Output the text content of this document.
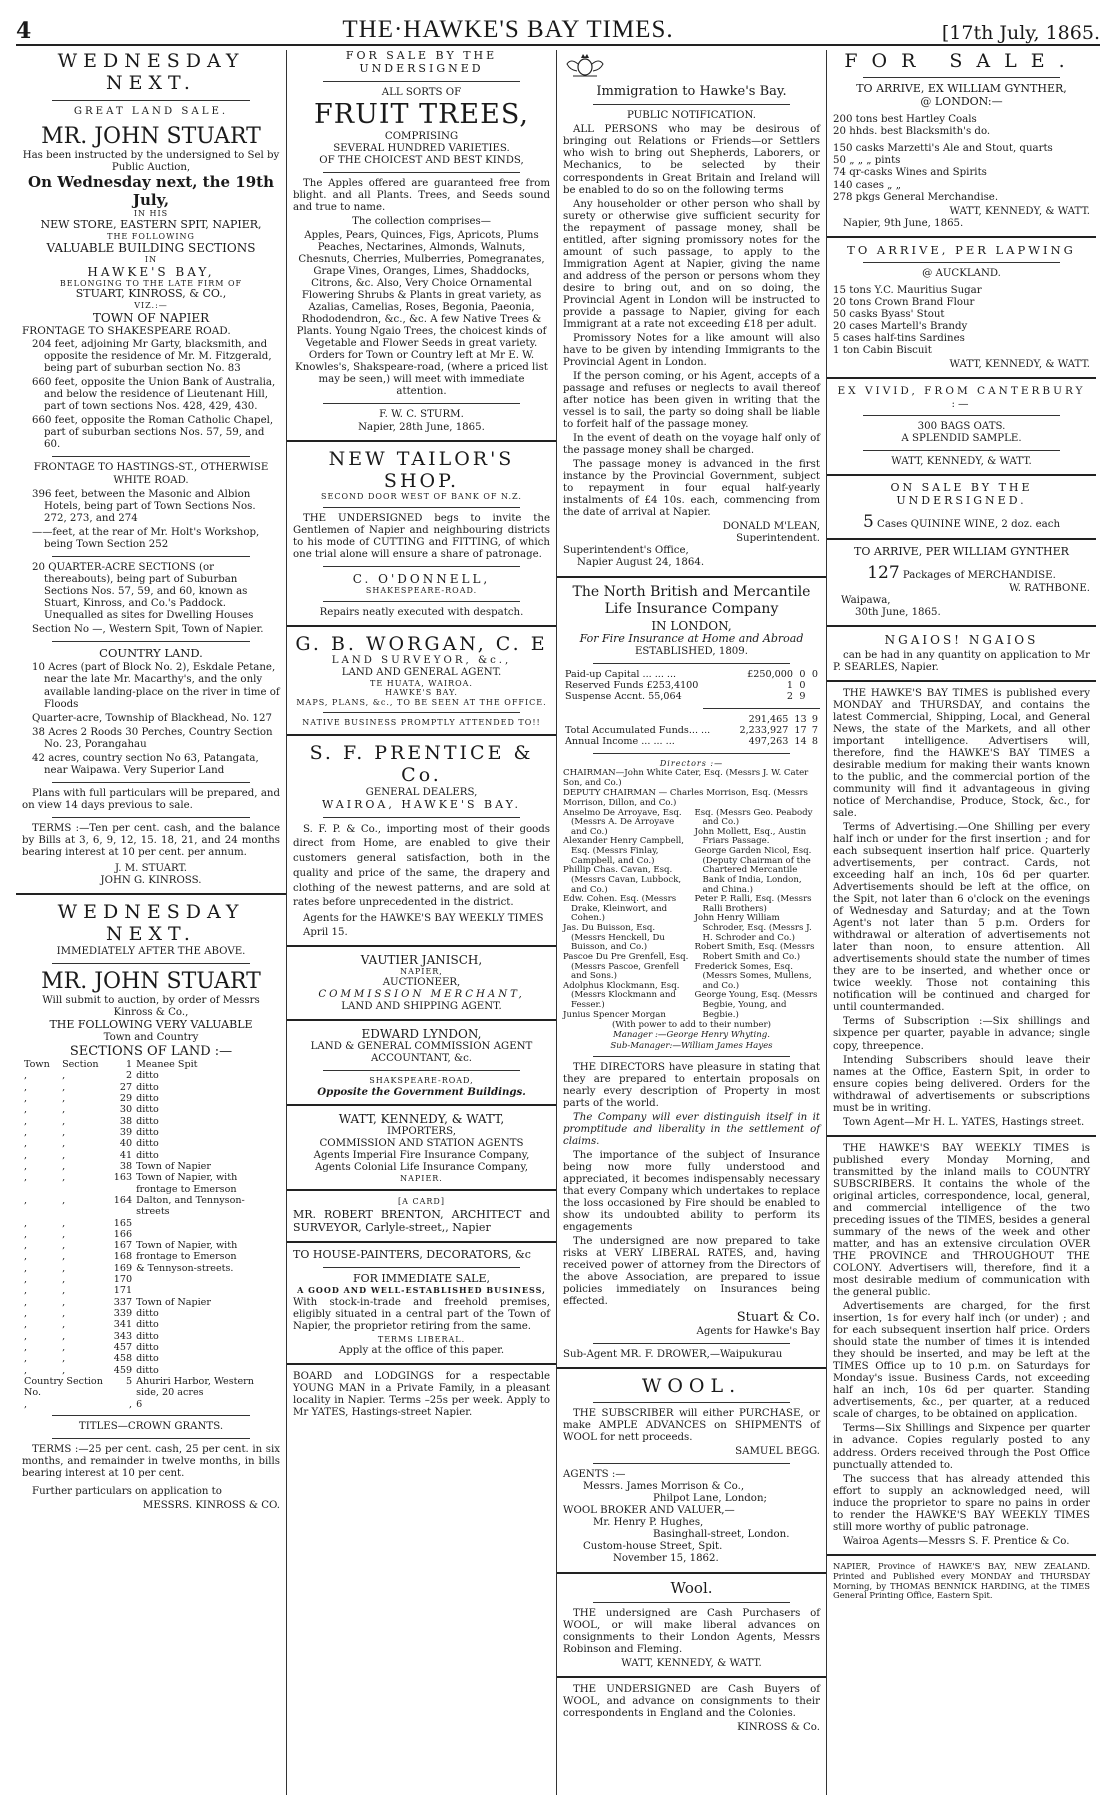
4	THE·HAWKE'S BAY TIMES.	[17th July, 1865.
WEDNESDAY NEXT.
GREAT LAND SALE.
MR. JOHN STUART
Has been instructed by the undersigned to Sel by Public Auction,
On Wednesday next, the 19th July,
IN HIS
NEW STORE, EASTERN SPIT, NAPIER,
THE FOLLOWING
VALUABLE BUILDING SECTIONS
IN
HAWKE'S BAY,
BELONGING TO THE LATE FIRM OF
STUART, KINROSS, & CO.,
VIZ.:—
TOWN OF NAPIER
FRONTAGE TO SHAKESPEARE ROAD.
204 feet, adjoining Mr Garty, blacksmith, and opposite the residence of Mr. M. Fitzgerald, being part of suburban section No. 83
660 feet, opposite the Union Bank of Australia, and below the residence of Lieutenant Hill, part of town sections Nos. 428, 429, 430.
660 feet, opposite the Roman Catholic Chapel, part of suburban sections Nos. 57, 59, and 60.
FRONTAGE TO HASTINGS-ST., OTHERWISE WHITE ROAD.
396 feet, between the Masonic and Albion Hotels, being part of Town Sections Nos. 272, 273, and 274
——feet, at the rear of Mr. Holt's Workshop, being Town Section 252
20 QUARTER-ACRE SECTIONS (or thereabouts), being part of Suburban Sections Nos. 57, 59, and 60, known as Stuart, Kinross, and Co.'s Paddock. Unequalled as sites for Dwelling Houses
Section No —, Western Spit, Town of Napier.
COUNTRY LAND.
10 Acres (part of Block No. 2), Eskdale Petane, near the late Mr. Macarthy's, and the only available landing-place on the river in time of Floods
Quarter-acre, Township of Blackhead, No. 127
38 Acres 2 Roods 30 Perches, Country Section No. 23, Porangahau
42 acres, country section No 63, Patangata, near Waipawa. Very Superior Land

Plans with full particulars will be prepared, and on view 14 days previous to sale.

TERMS :—Ten per cent. cash, and the balance by Bills at 3, 6, 9, 12, 15. 18, 21, and 24 months bearing interest at 10 per cent. per annum.

J. M. STUART.
JOHN G. KINROSS.
WEDNESDAY NEXT.
IMMEDIATELY AFTER THE ABOVE.
MR. JOHN STUART
Will submit to auction, by order of Messrs Kinross & Co.,
THE FOLLOWING VERY VALUABLE
Town and Country
SECTIONS OF LAND :—
Town	Section	1	Meanee Spit
,	,	2	ditto
,	,	27	ditto
,	,	29	ditto
,	,	30	ditto
,	,	38	ditto
,	,	39	ditto
,	,	40	ditto
,	,	41	ditto
,	,	38	Town of Napier
,	,	163	Town of Napier, with frontage to Emerson
,	,	164	Dalton, and Tennyson-streets
,	,	165	
,	,	166	
,	,	167	Town of Napier, with
,	,	168	frontage to Emerson
,	,	169	& Tennyson-streets.
,	,	170	
,	,	171	
,	,	337	Town of Napier
,	,	339	ditto
,	,	341	ditto
,	,	343	ditto
,	,	457	ditto
,	,	458	ditto
,	,	459	ditto
Country Section No.		5	Ahuriri Harbor, Western side, 20 acres
,		,	6
TITLES—CROWN GRANTS.

TERMS :—25 per cent. cash, 25 per cent. in six months, and remainder in twelve months, in bills bearing interest at 10 per cent.

Further particulars on application to

MESSRS. KINROSS & CO.
FOR SALE BY THE UNDERSIGNED
ALL SORTS OF
FRUIT TREES,
COMPRISING
SEVERAL HUNDRED VARIETIES.
OF THE CHOICEST AND BEST KINDS,

The Apples offered are guaranteed free from blight. and all Plants. Trees, and Seeds sound and true to name.

The collection comprises—

Apples, Pears, Quinces, Figs, Apricots, Plums Peaches, Nectarines, Almonds, Walnuts, Chesnuts, Cherries, Mulberries, Pomegranates, Grape Vines, Oranges, Limes, Shaddocks, Citrons, &c. Also, Very Choice Ornamental Flowering Shrubs & Plants in great variety, as Azalias, Camelias, Roses, Begonia, Paeonia, Rhododendron, &c., &c. A few Native Trees & Plants. Young Ngaio Trees, the choicest kinds of Vegetable and Flower Seeds in great variety. Orders for Town or Country left at Mr E. W. Knowles's, Shakspeare-road, (where a priced list may be seen,) will meet with immediate attention.

F. W. C. STURM.
Napier, 28th June, 1865.
NEW TAILOR'S SHOP.
SECOND DOOR WEST OF BANK OF N.Z.

THE UNDERSIGNED begs to invite the Gentlemen of Napier and neighbouring districts to his mode of CUTTING and FITTING, of which one trial alone will ensure a share of patronage.

C. O'DONNELL,
SHAKESPEARE-ROAD.
Repairs neatly executed with despatch.
G. B. WORGAN, C. E
LAND SURVEYOR, &c.,
LAND AND GENERAL AGENT.
TE HUATA, WAIROA.
HAWKE'S BAY.
MAPS, PLANS, &c., TO BE SEEN AT THE OFFICE.
NATIVE BUSINESS PROMPTLY ATTENDED TO!!
S. F. PRENTICE & Co.
GENERAL DEALERS,
WAIROA, HAWKE'S BAY.

S. F. P. & Co., importing most of their goods direct from Home, are enabled to give their customers general satisfaction, both in the quality and price of the same, the drapery and clothing of the newest patterns, and are sold at rates before unprecedented in the district.

Agents for the HAWKE'S BAY WEEKLY TIMES

April 15.

VAUTIER JANISCH,
NAPIER,
AUCTIONEER,
COMMISSION MERCHANT,
LAND AND SHIPPING AGENT.
EDWARD LYNDON,
LAND & GENERAL COMMISSION AGENT
ACCOUNTANT, &c.
SHAKSPEARE-ROAD,
Opposite the Government Buildings.
WATT, KENNEDY, & WATT,
IMPORTERS,
COMMISSION AND STATION AGENTS
Agents Imperial Fire Insurance Company,
Agents Colonial Life Insurance Company,
NAPIER.
[A CARD]

MR. ROBERT BRENTON, ARCHITECT and SURVEYOR, Carlyle-street,, Napier

TO HOUSE-PAINTERS, DECORATORS, &c

FOR IMMEDIATE SALE,
A GOOD AND WELL-ESTABLISHED BUSINESS,

With stock-in-trade and freehold premises, eligibly situated in a central part of the Town of Napier, the proprietor retiring from the same.

TERMS LIBERAL.
Apply at the office of this paper.

BOARD and LODGINGS for a respectable YOUNG MAN in a Private Family, in a pleasant locality in Napier. Terms –25s per week. Apply to Mr YATES, Hastings-street Napier.

Immigration to Hawke's Bay.
PUBLIC NOTIFICATION.

ALL PERSONS who may be desirous of bringing out Relations or Friends—or Settlers who wish to bring out Shepherds, Laborers, or Mechanics, to be selected by their correspondents in Great Britain and Ireland will be enabled to do so on the following terms

Any householder or other person who shall by surety or otherwise give sufficient security for the repayment of passage money, shall be entitled, after signing promissory notes for the amount of such passage, to apply to the Immigration Agent at Napier, giving the name and address of the person or persons whom they desire to bring out, and on so doing, the Provincial Agent in London will be instructed to provide a passage to Napier, giving for each Immigrant at a rate not exceeding £18 per adult.

Promissory Notes for a like amount will also have to be given by intending Immigrants to the Provincial Agent in London.

If the person coming, or his Agent, accepts of a passage and refuses or neglects to avail thereof after notice has been given in writing that the vessel is to sail, the party so doing shall be liable to forfeit half of the passage money.

In the event of death on the voyage half only of the passage money shall be charged.

The passage money is advanced in the first instance by the Provincial Government, subject to repayment in four equal half-yearly instalments of £4 10s. each, commencing from the date of arrival at Napier.

DONALD M'LEAN,
Superintendent.
Superintendent's Office,
Napier August 24, 1864.
The North British and Mercantile Life Insurance Company
IN LONDON,
For Fire Insurance at Home and Abroad
ESTABLISHED, 1809.
Paid-up Capital ... ... ...	£250,000	0	0
Reserved Funds £253,4100	1	0	
Suspense Accnt. 55,064	2	9	
	291,465	13	9
Total Accumulated Funds... ...	2,233,927	17	7
Annual Income ... ... ...	497,263	14	8
Directors :—
CHAIRMAN—John White Cater, Esq. (Messrs J. W. Cater Son, and Co.)
DEPUTY CHAIRMAN — Charles Morrison, Esq. (Messrs Morrison, Dillon, and Co.)
Anselmo De Arroyave, Esq. (Messrs A. De Arroyave and Co.)
Alexander Henry Campbell, Esq. (Messrs Finlay, Campbell, and Co.)
Phillip Chas. Cavan, Esq. (Messrs Cavan, Lubbock, and Co.)
Edw. Cohen. Esq. (Messrs Drake, Kleinwort, and Cohen.)
Jas. Du Buisson, Esq. (Messrs Henckell, Du Buisson, and Co.)
Pascoe Du Pre Grenfell, Esq. (Messrs Pascoe, Grenfell and Sons.)
Adolphus Klockmann, Esq. (Messrs Klockmann and Fesser.)
Junius Spencer Morgan
Esq. (Messrs Geo. Peabody and Co.)
John Mollett, Esq., Austin Friars Passage.
George Garden Nicol, Esq. (Deputy Chairman of the Chartered Mercantile Bank of India, London, and China.)
Peter P. Ralli, Esq. (Messrs Ralli Brothers)
John Henry William Schroder, Esq. (Messrs J. H. Schroder and Co.)
Robert Smith, Esq. (Messrs Robert Smith and Co.)
Frederick Somes, Esq. (Messrs Somes, Mullens, and Co.)
George Young, Esq. (Messrs Begbie, Young, and Begbie.)
(With power to add to their number)
Manager :—George Henry Whyting.
Sub-Manager:—William James Hayes

THE DIRECTORS have pleasure in stating that they are prepared to entertain proposals on nearly every description of Property in most parts of the world.

The Company will ever distinguish itself in it promptitude and liberality in the settlement of claims.

The importance of the subject of Insurance being now more fully understood and appreciated, it becomes indispensably necessary that every Company which undertakes to replace the loss occasioned by Fire should be enabled to show its undoubted ability to perform its engagements

The undersigned are now prepared to take risks at VERY LIBERAL RATES, and, having received power of attorney from the Directors of the above Association, are prepared to issue policies immediately on Insurances being effected.

Stuart & Co.
Agents for Hawke's Bay
Sub-Agent MR. F. DROWER,—Waipukurau
WOOL.

THE SUBSCRIBER will either PURCHASE, or make AMPLE ADVANCES on SHIPMENTS of WOOL for nett proceeds.

SAMUEL BEGG.
AGENTS :—
Messrs. James Morrison & Co.,
Philpot Lane, London;
WOOL BROKER AND VALUER,—
Mr. Henry P. Hughes,
Basinghall-street, London.
Custom-house Street, Spit.
November 15, 1862.
Wool.

THE undersigned are Cash Purchasers of WOOL, or will make liberal advances on consignments to their London Agents, Messrs Robinson and Fleming.

WATT, KENNEDY, & WATT.

THE UNDERSIGNED are Cash Buyers of WOOL, and advance on consignments to their correspondents in England and the Colonies.

KINROSS & Co.
FOR SALE.
TO ARRIVE, EX WILLIAM GYNTHER,
@ LONDON:—
200 tons best Hartley Coals
20 hhds. best Blacksmith's do.
150 casks Marzetti's Ale and Stout, quarts
50 „ „ „ pints
74 qr-casks Wines and Spirits
140 cases „ „
278 pkgs General Merchandise.
WATT, KENNEDY, & WATT.
Napier, 9th June, 1865.
TO ARRIVE, PER LAPWING
@ AUCKLAND.
15 tons Y.C. Mauritius Sugar
20 tons Crown Brand Flour
50 casks Byass' Stout
20 cases Martell's Brandy
5 cases half-tins Sardines
1 ton Cabin Biscuit
WATT, KENNEDY, & WATT.
EX VIVID, FROM CANTERBURY :—
300 BAGS OATS.
A SPLENDID SAMPLE.
WATT, KENNEDY, & WATT.
ON SALE BY THE UNDERSIGNED.
5 Cases QUININE WINE, 2 doz. each
TO ARRIVE, PER WILLIAM GYNTHER
127 Packages of MERCHANDISE.
W. RATHBONE.
Waipawa,
30th June, 1865.
NGAIOS! NGAIOS

can be had in any quantity on application to Mr P. SEARLES, Napier.

THE HAWKE'S BAY TIMES is published every MONDAY and THURSDAY, and contains the latest Commercial, Shipping, Local, and General News, the state of the Markets, and all other important intelligence. Advertisers will, therefore, find the HAWKE'S BAY TIMES a desirable medium for making their wants known to the public, and the commercial portion of the community will find it advantageous in giving notice of Merchandise, Produce, Stock, &c., for sale.

Terms of Advertising.—One Shilling per every half inch or under for the first insertion ; and for each subsequent insertion half price. Quarterly advertisements, per contract. Cards, not exceeding half an inch, 10s 6d per quarter. Advertisements should be left at the office, on the Spit, not later than 6 o'clock on the evenings of Wednesday and Saturday; and at the Town Agent's not later than 5 p.m. Orders for withdrawal or alteration of advertisements not later than noon, to ensure attention. All advertisements should state the number of times they are to be inserted, and whether once or twice weekly. Those not containing this notification will be continued and charged for until countermanded.

Terms of Subscription :—Six shillings and sixpence per quarter, payable in advance; single copy, threepence.

Intending Subscribers should leave their names at the Office, Eastern Spit, in order to ensure copies being delivered. Orders for the withdrawal of advertisements or subscriptions must be in writing.

Town Agent—Mr H. L. YATES, Hastings street.

THE HAWKE'S BAY WEEKLY TIMES is published every Monday Morning, and transmitted by the inland mails to COUNTRY SUBSCRIBERS. It contains the whole of the original articles, correspondence, local, general, and commercial intelligence of the two preceding issues of the TIMES, besides a general summary of the news of the week and other matter, and has an extensive circulation OVER THE PROVINCE and THROUGHOUT THE COLONY. Advertisers will, therefore, find it a most desirable medium of communication with the general public.

Advertisements are charged, for the first insertion, 1s for every half inch (or under) ; and for each subsequent insertion half price. Orders should state the number of times it is intended they should be inserted, and may be left at the TIMES Office up to 10 p.m. on Saturdays for Monday's issue. Business Cards, not exceeding half an inch, 10s 6d per quarter. Standing advertisements, &c., per quarter, at a reduced scale of charges, to be obtained on application.

Terms—Six Shillings and Sixpence per quarter in advance. Copies regularly posted to any address. Orders received through the Post Office punctually attended to.

The success that has already attended this effort to supply an acknowledged need, will induce the proprietor to spare no pains in order to render the HAWKE'S BAY WEEKLY TIMES still more worthy of public patronage.

Wairoa Agents—Messrs S. F. Prentice & Co.

NAPIER, Province of HAWKE'S BAY, NEW ZEALAND. Printed and Published every MONDAY and THURSDAY Morning, by THOMAS BENNICK HARDING, at the TIMES General Printing Office, Eastern Spit.
